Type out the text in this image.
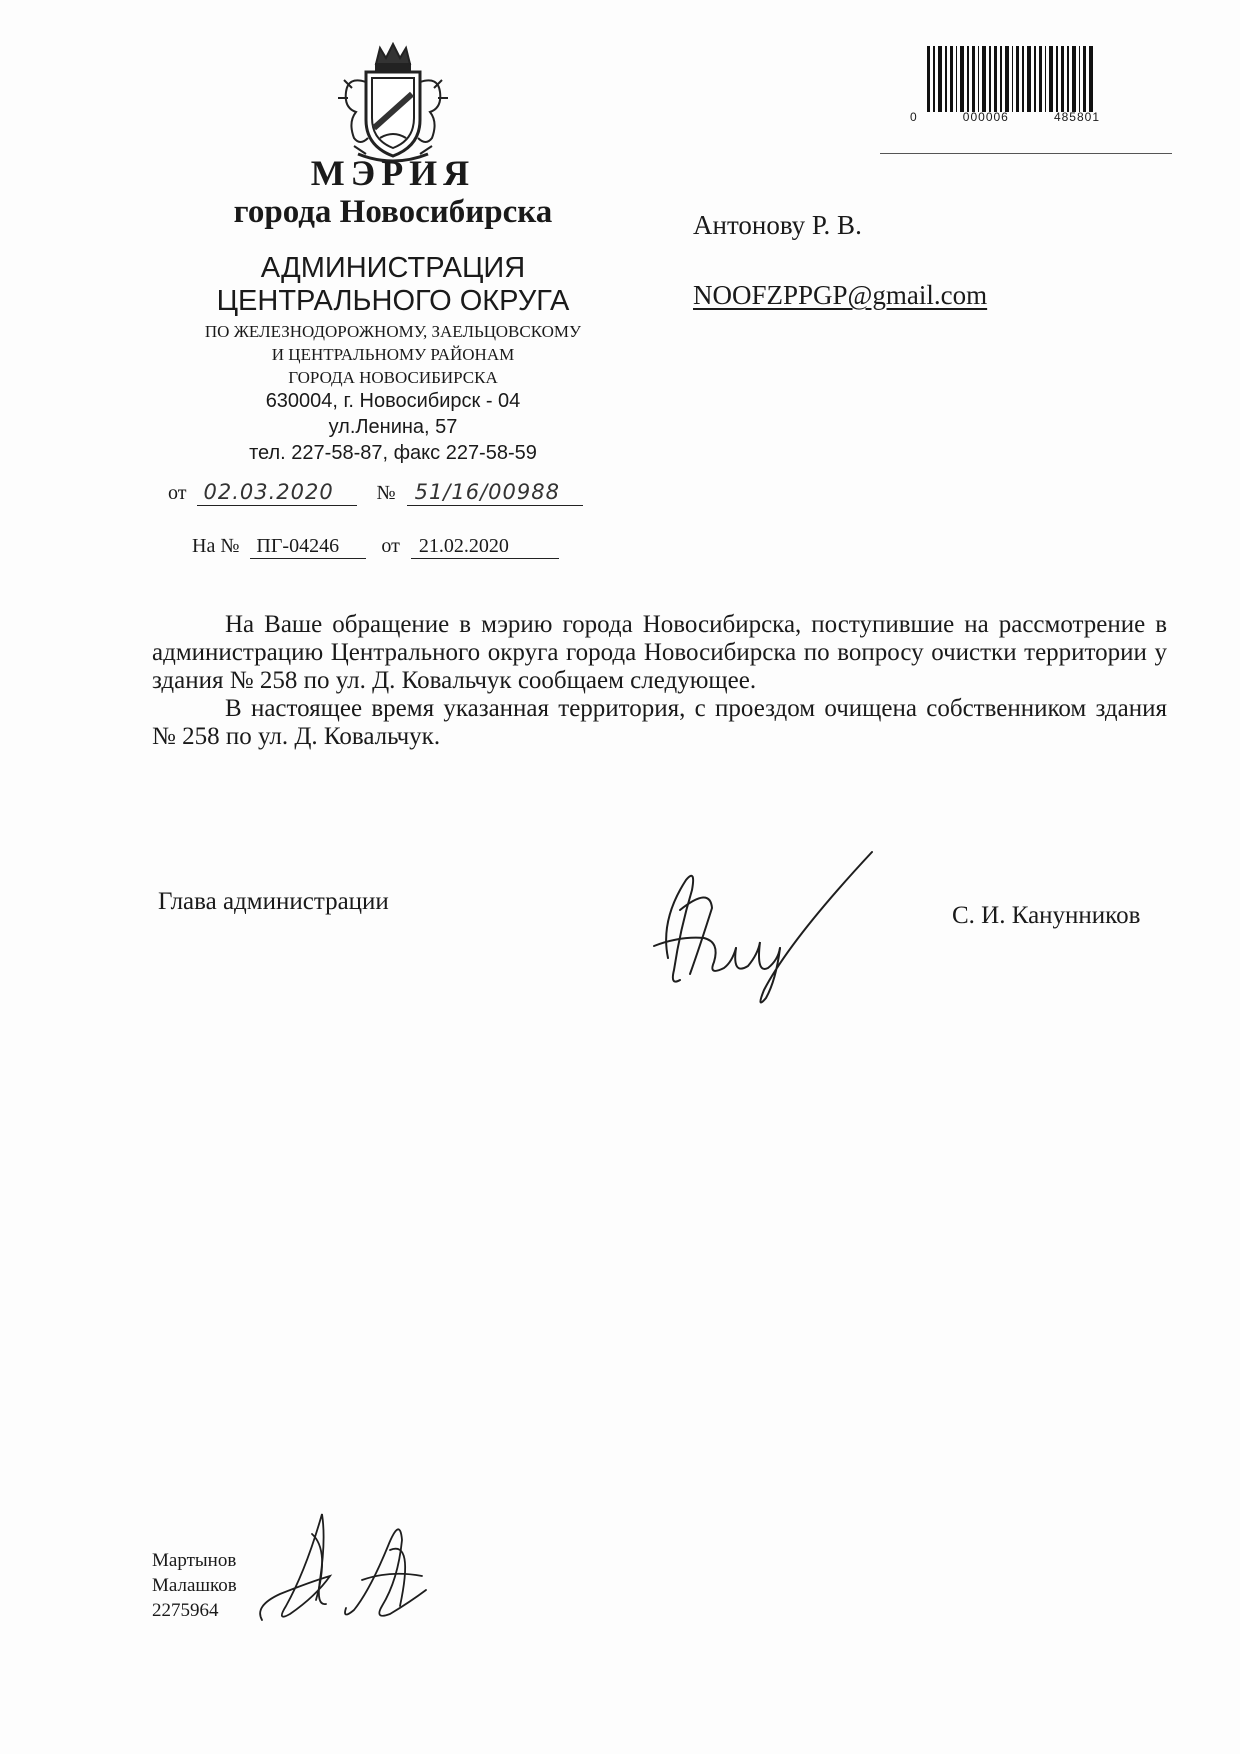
МЭРИЯ
города Новосибирска
АДМИНИСТРАЦИЯ
ЦЕНТРАЛЬНОГО ОКРУГА
ПО ЖЕЛЕЗНОДОРОЖНОМУ, ЗАЕЛЬЦОВСКОМУ
И ЦЕНТРАЛЬНОМУ РАЙОНАМ
ГОРОДА НОВОСИБИРСКА
630004, г. Новосибирск - 04
ул.Ленина, 57
тел. 227-58-87, факс 227-58-59
от 02.03.2020 № 51/16/00988
На № ПГ-04246 от 21.02.2020
0	000006	485801
Антонову Р. В.
NOOFZPPGP@gmail.com

На Ваше обращение в мэрию города Новосибирска, поступившие на рассмотрение в администрацию Центрального округа города Новосибирска по вопросу очистки территории у здания № 258 по ул. Д. Ковальчук сообщаем следующее.

В настоящее время указанная территория, с проездом очищена собственником здания № 258 по ул. Д. Ковальчук.

Глава администрации
С. И. Канунников
Мартынов
Малашков
2275964
